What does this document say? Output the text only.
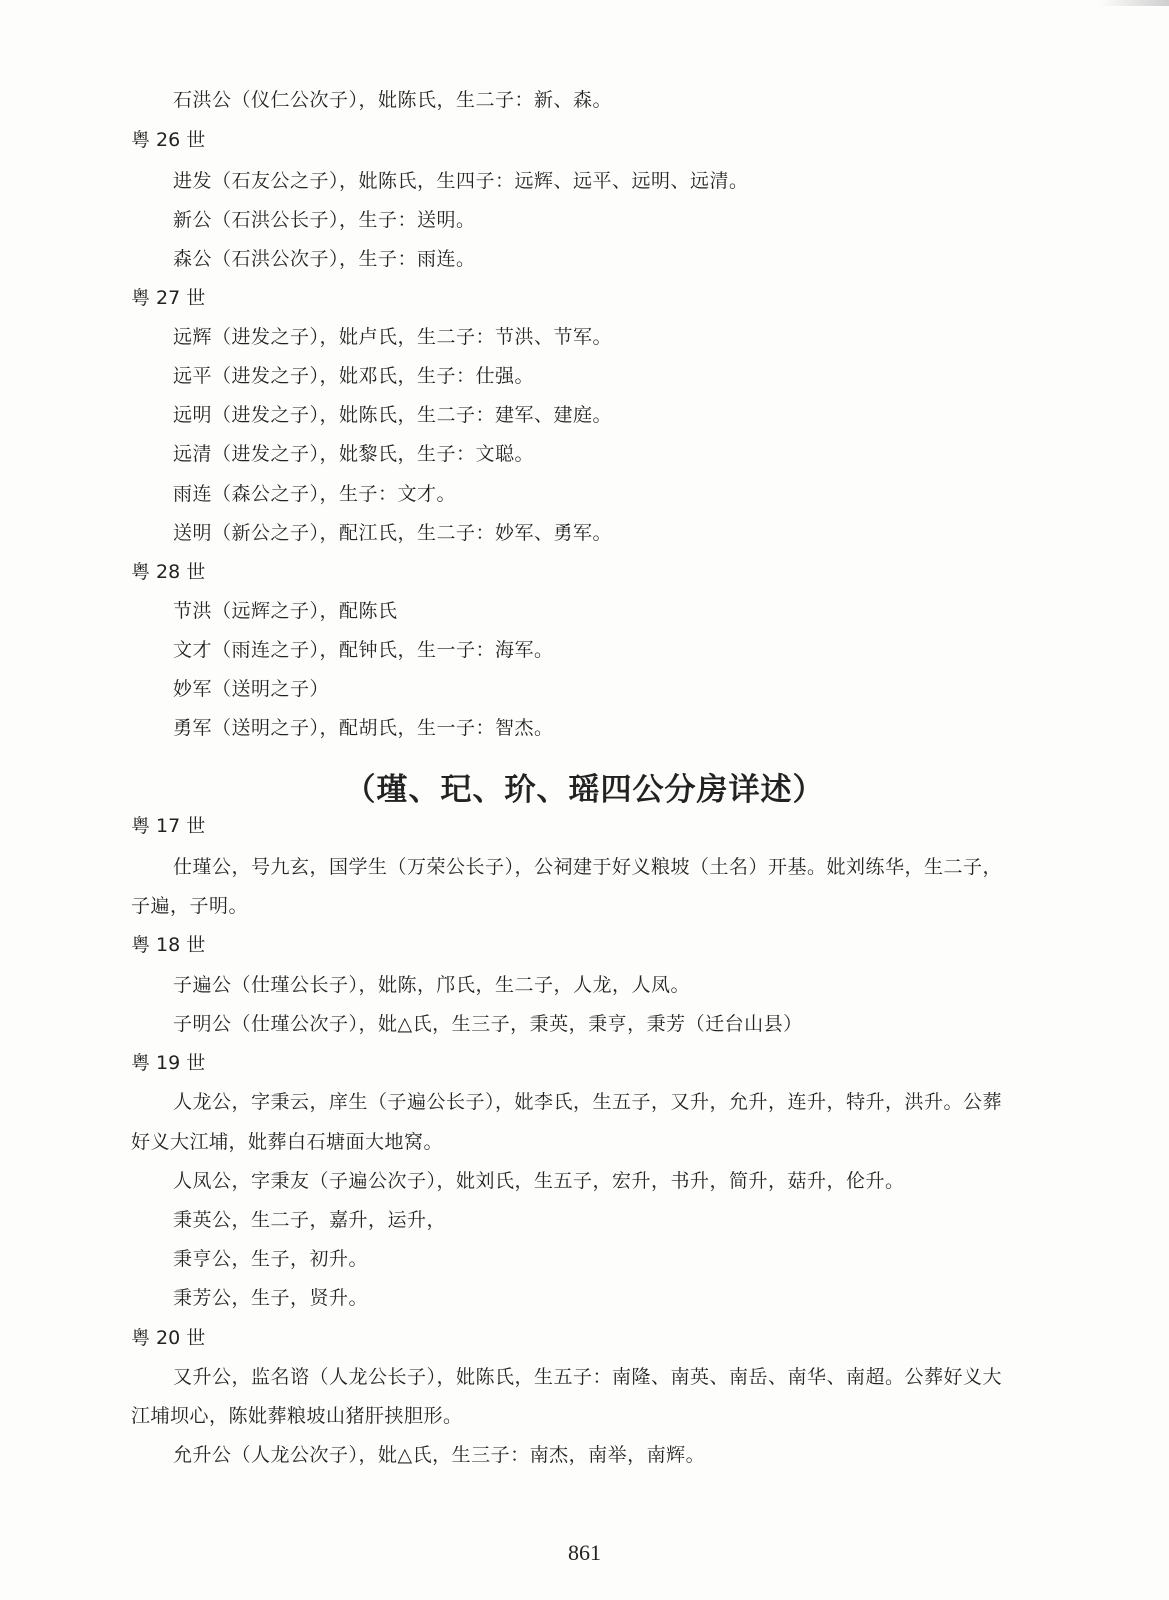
石洪公（仪仁公次子），妣陈氏，生二子：新、森。
粤 26 世
进发（石友公之子），妣陈氏，生四子：远辉、远平、远明、远清。
新公（石洪公长子），生子：送明。
森公（石洪公次子），生子：雨连。
粤 27 世
远辉（进发之子），妣卢氏，生二子：节洪、节军。
远平（进发之子），妣邓氏，生子：仕强。
远明（进发之子），妣陈氏，生二子：建军、建庭。
远清（进发之子），妣黎氏，生子：文聪。
雨连（森公之子），生子：文才。
送明（新公之子），配江氏，生二子：妙军、勇军。
粤 28 世
节洪（远辉之子），配陈氏
文才（雨连之子），配钟氏，生一子：海军。
妙军（送明之子）
勇军（送明之子），配胡氏，生一子：智杰。
（瑾、玘、玠、瑶四公分房详述）
粤 17 世
仕瑾公，号九玄，国学生（万荣公长子），公祠建于好义粮坡（土名）开基。妣刘练华，生二子，
子遍，子明。
粤 18 世
子遍公（仕瑾公长子），妣陈，邝氏，生二子，人龙，人凤。
子明公（仕瑾公次子），妣△氏，生三子，秉英，秉亨，秉芳（迁台山县）
粤 19 世
人龙公，字秉云，庠生（子遍公长子），妣李氏，生五子，又升，允升，连升，特升，洪升。公葬
好义大江埔，妣葬白石塘面大地窝。
人凤公，字秉友（子遍公次子），妣刘氏，生五子，宏升，书升，简升，菇升，伦升。
秉英公，生二子，嘉升，运升，
秉亨公，生子，初升。
秉芳公，生子，贤升。
粤 20 世
又升公，监名谘（人龙公长子），妣陈氏，生五子：南隆、南英、南岳、南华、南超。公葬好义大
江埔坝心，陈妣葬粮坡山猪肝挟胆形。
允升公（人龙公次子），妣△氏，生三子：南杰，南举，南辉。
861
